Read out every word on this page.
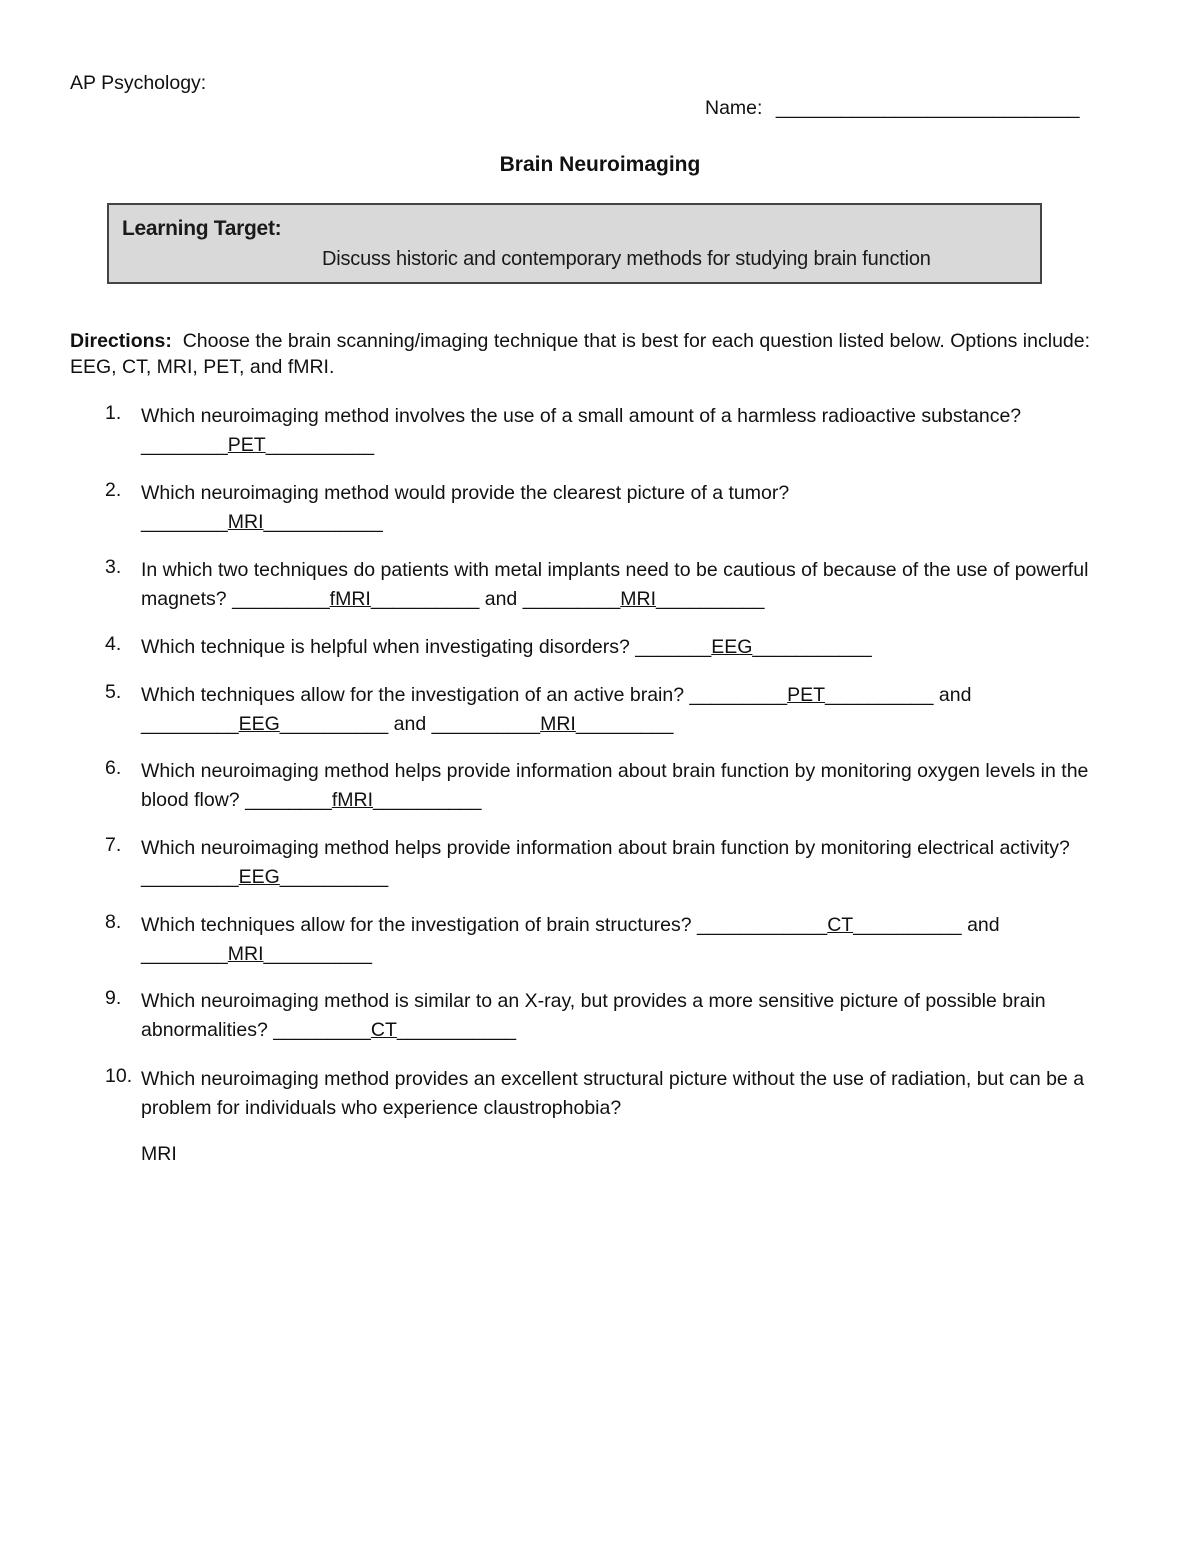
AP Psychology:
Name: ____________________________
Brain Neuroimaging
Learning Target:
Discuss historic and contemporary methods for studying brain function
Directions: Choose the brain scanning/imaging technique that is best for each question listed below. Options include: EEG, CT, MRI, PET, and fMRI.
1. Which neuroimaging method involves the use of a small amount of a harmless radioactive substance?
________PET__________
2. Which neuroimaging method would provide the clearest picture of a tumor?
________MRI___________
3. In which two techniques do patients with metal implants need to be cautious of because of the use of powerful magnets? _________fMRI__________ and _________MRI__________
4. Which technique is helpful when investigating disorders? _______EEG___________
5. Which techniques allow for the investigation of an active brain? _________PET__________ and
_________EEG__________ and __________MRI_________
6. Which neuroimaging method helps provide information about brain function by monitoring oxygen levels in the blood flow? ________fMRI__________
7. Which neuroimaging method helps provide information about brain function by monitoring electrical activity? _________EEG__________
8. Which techniques allow for the investigation of brain structures? ____________CT__________ and
________MRI__________
9. Which neuroimaging method is similar to an X-ray, but provides a more sensitive picture of possible brain abnormalities? _________CT___________
10. Which neuroimaging method provides an excellent structural picture without the use of radiation, but can be a problem for individuals who experience claustrophobia?
MRI
